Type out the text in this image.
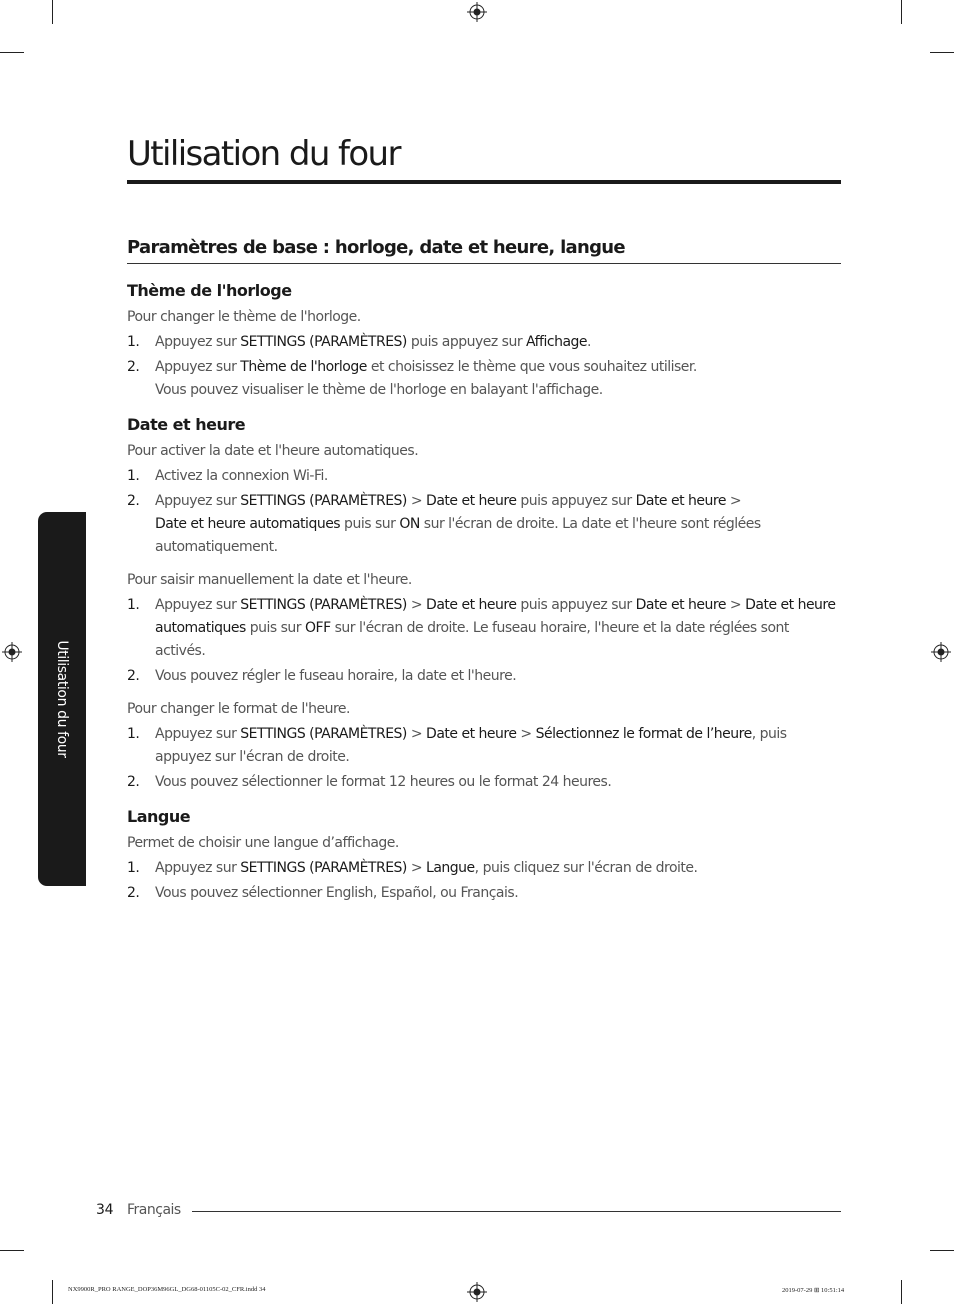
Utilisation du four
Paramètres de base : horloge, date et heure, langue
Utilisation du four
Thème de l'horloge

Pour changer le thème de l'horloge.

1. Appuyez sur SETTINGS (PARAMÈTRES) puis appuyez sur Affichage.
2. Appuyez sur Thème de l'horloge et choisissez le thème que vous souhaitez utiliser.
Vous pouvez visualiser le thème de l'horloge en balayant l'affichage.
Date et heure

Pour activer la date et l'heure automatiques.

1. Activez la connexion Wi-Fi.
2. Appuyez sur SETTINGS (PARAMÈTRES) > Date et heure puis appuyez sur Date et heure >
Date et heure automatiques puis sur ON sur l'écran de droite. La date et l'heure sont réglées automatiquement.

Pour saisir manuellement la date et l'heure.

1. Appuyez sur SETTINGS (PARAMÈTRES) > Date et heure puis appuyez sur Date et heure > Date et heure automatiques puis sur OFF sur l'écran de droite. Le fuseau horaire, l'heure et la date réglées sont activés.
2. Vous pouvez régler le fuseau horaire, la date et l'heure.

Pour changer le format de l'heure.

1. Appuyez sur SETTINGS (PARAMÈTRES) > Date et heure > Sélectionnez le format de l’heure, puis appuyez sur l'écran de droite.
2. Vous pouvez sélectionner le format 12 heures ou le format 24 heures.
Langue

Permet de choisir une langue d’affichage.

1. Appuyez sur SETTINGS (PARAMÈTRES) > Langue, puis cliquez sur l'écran de droite.
2. Vous pouvez sélectionner English, Español, ou Français.
34 Français
NX9900R_PRO RANGE_DOP36M96GL_DG68-01105C-02_CFR.indd 34	2019-07-29 ⊞ 10:51:14
